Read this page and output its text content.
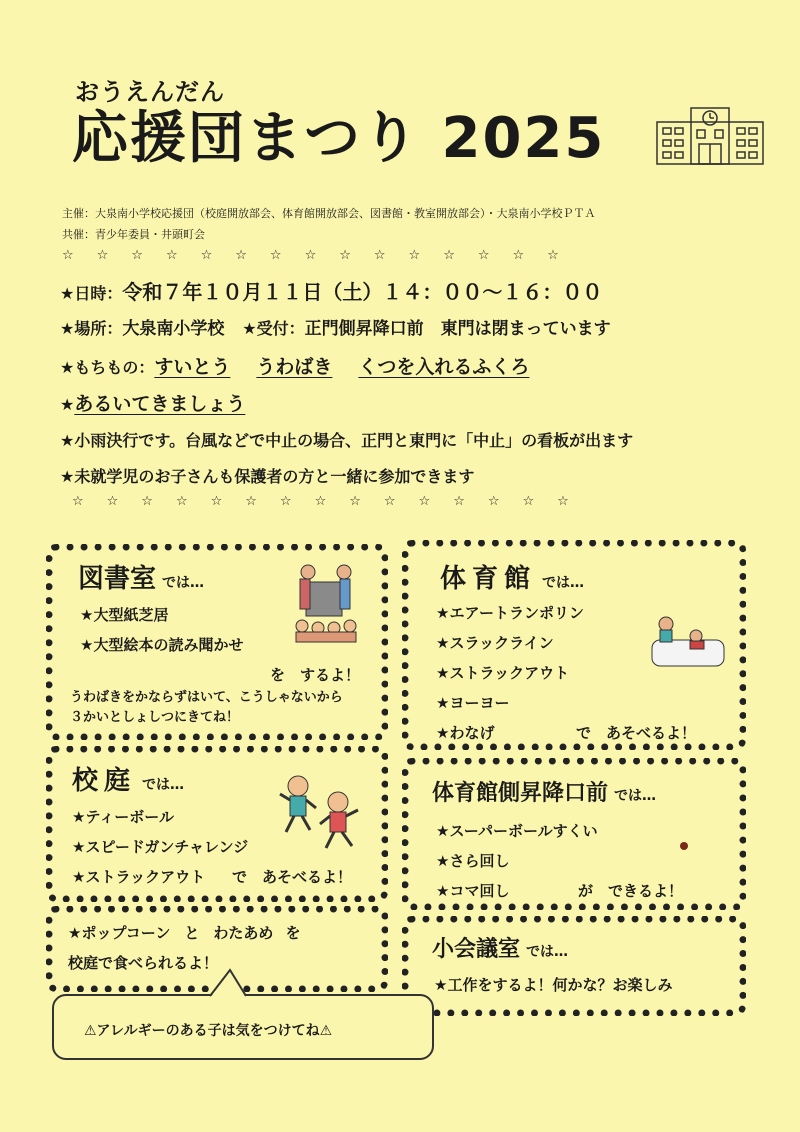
おうえんだん
応援団まつり 2025
主催：大泉南小学校応援団（校庭開放部会、体育館開放部会、図書館・教室開放部会）・大泉南小学校ＰＴＡ
共催：青少年委員・井頭町会
☆☆☆☆☆☆☆☆☆☆☆☆☆☆☆
★日時：令和７年１０月１１日（土）１４：００～１６：００
★場所：大泉南小学校 ★受付：正門側昇降口前　東門は閉まっています
★もちもの：すいとう うわばき くつを入れるふくろ
★あるいてきましょう
★小雨決行です。台風などで中止の場合、正門と東門に「中止」の看板が出ます
★未就学児のお子さんも保護者の方と一緒に参加できます
☆☆☆☆☆☆☆☆☆☆☆☆☆☆☆
図書室 では…
★大型紙芝居
★大型絵本の読み聞かせ
を　するよ！
うわばきをかならずはいて、こうしゃないから
３かいとしょしつにきてね！
体育館 では…
★エアートランポリン
★スラックライン
★ストラックアウト
★ヨーヨー
★わなげ	で　あそべるよ！
校庭 では…
★ティーボール
★スピードガンチャレンジ
★ストラックアウト で　あそべるよ！
体育館側昇降口前 では…
★スーパーボールすくい
★さら回し
★コマ回し	が　できるよ！
★ポップコーン と わたあめ を
校庭で食べられるよ！
小会議室 では…
★工作をするよ！何かな？お楽しみ
⚠アレルギーのある子は気をつけてね⚠
